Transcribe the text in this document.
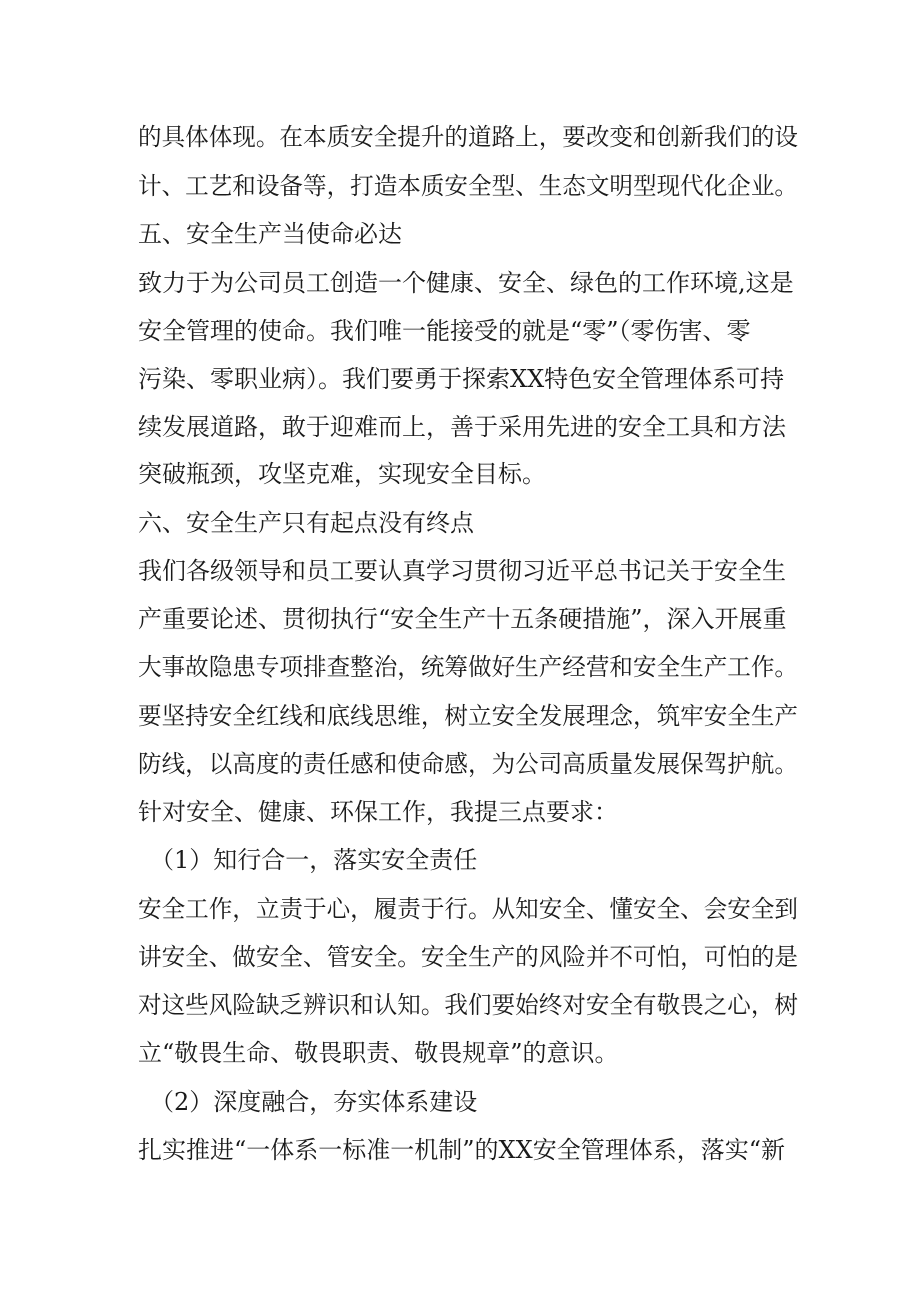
的具体体现。在本质安全提升的道路上，要改变和创新我们的设
计、工艺和设备等，打造本质安全型、生态文明型现代化企业。
五、安全生产当使命必达
致力于为公司员工创造一个健康、安全、绿色的工作环境,这是
安全管理的使命。我们唯一能接受的就是“零”（零伤害、零
污染、零职业病）。我们要勇于探索XX特色安全管理体系可持
续发展道路，敢于迎难而上，善于采用先进的安全工具和方法
突破瓶颈，攻坚克难，实现安全目标。
六、安全生产只有起点没有终点
我们各级领导和员工要认真学习贯彻习近平总书记关于安全生
产重要论述、贯彻执行“安全生产十五条硬措施”，深入开展重
大事故隐患专项排查整治，统筹做好生产经营和安全生产工作。
要坚持安全红线和底线思维，树立安全发展理念，筑牢安全生产
防线，以高度的责任感和使命感，为公司高质量发展保驾护航。
针对安全、健康、环保工作，我提三点要求：
（1）知行合一，落实安全责任
安全工作，立责于心，履责于行。从知安全、懂安全、会安全到
讲安全、做安全、管安全。安全生产的风险并不可怕，可怕的是
对这些风险缺乏辨识和认知。我们要始终对安全有敬畏之心，树
立“敬畏生命、敬畏职责、敬畏规章”的意识。
（2）深度融合，夯实体系建设
扎实推进“一体系一标准一机制”的XX安全管理体系，落实“新
